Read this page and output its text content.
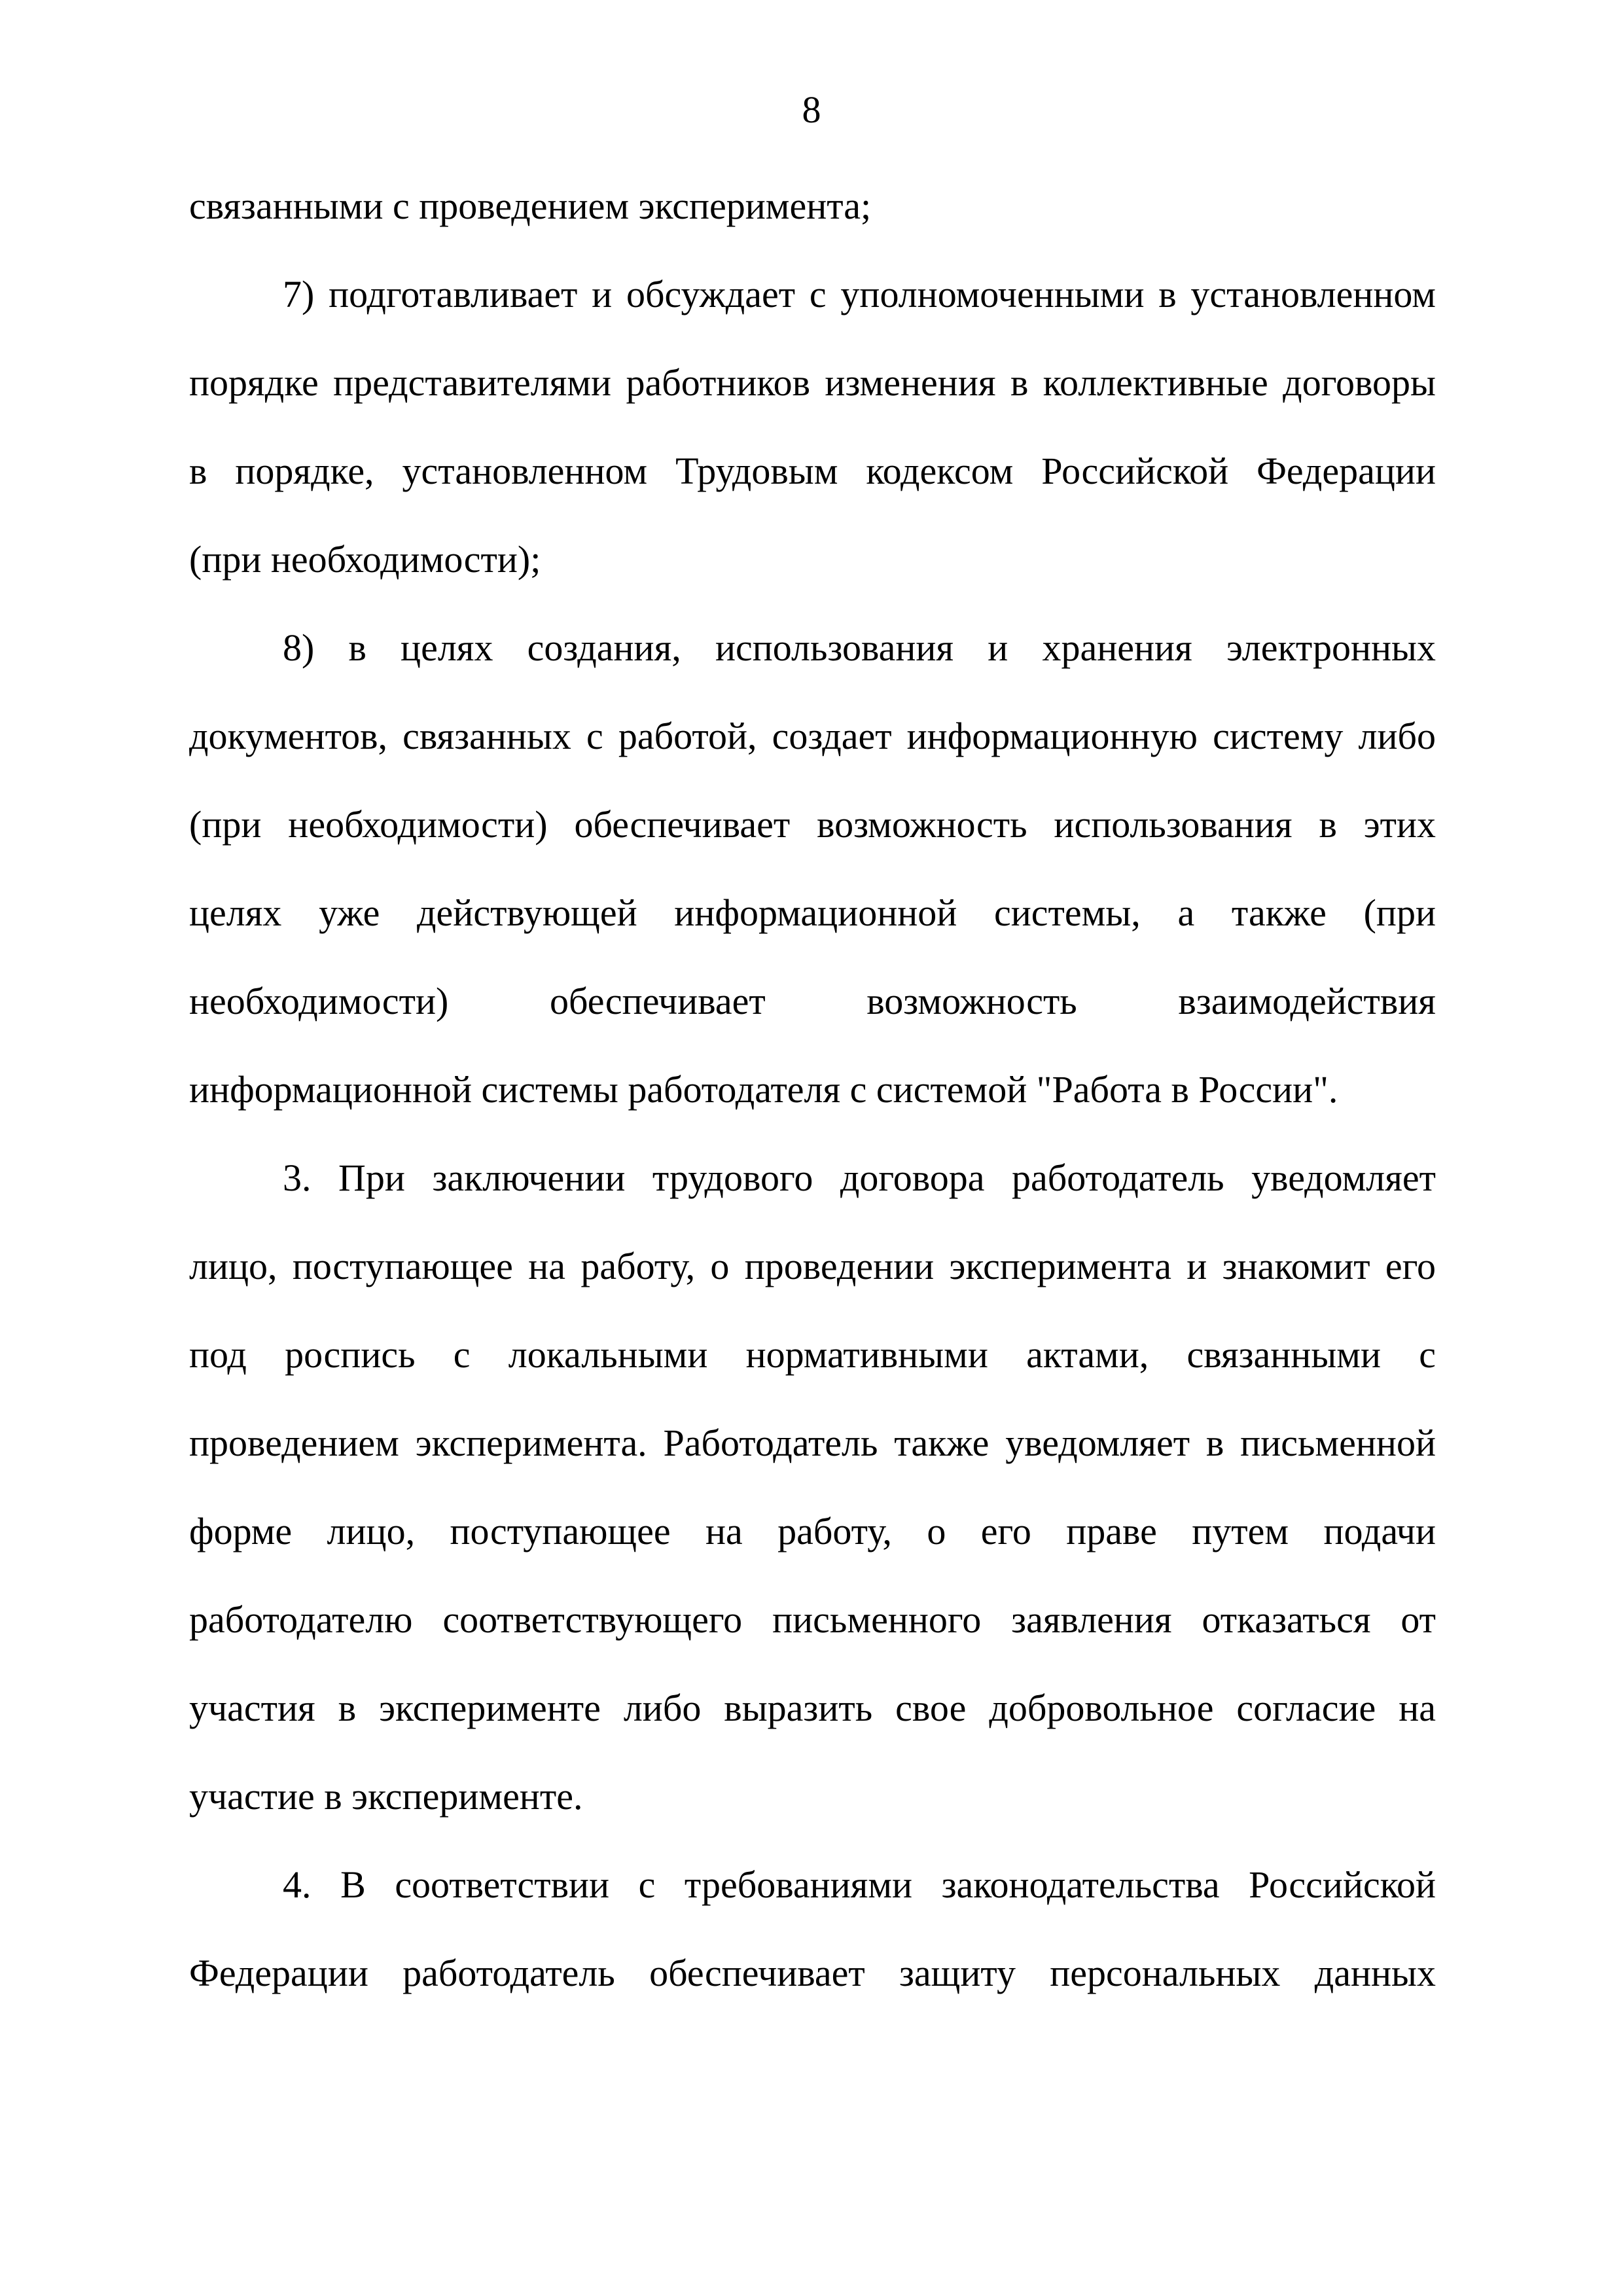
8
связанными с проведением эксперимента;
7) подготавливает и обсуждает с уполномоченными в установленном
порядке представителями работников изменения в коллективные договоры
в порядке, установленном Трудовым кодексом Российской Федерации
(при необходимости);
8) в целях создания, использования и хранения электронных
документов, связанных с работой, создает информационную систему либо
(при необходимости) обеспечивает возможность использования в этих
целях уже действующей информационной системы, а также (при
необходимости) обеспечивает возможность взаимодействия
информационной системы работодателя с системой "Работа в России".
3. При заключении трудового договора работодатель уведомляет
лицо, поступающее на работу, о проведении эксперимента и знакомит его
под роспись с локальными нормативными актами, связанными с
проведением эксперимента. Работодатель также уведомляет в письменной
форме лицо, поступающее на работу, о его праве путем подачи
работодателю соответствующего письменного заявления отказаться от
участия в эксперименте либо выразить свое добровольное согласие на
участие в эксперименте.
4. В соответствии с требованиями законодательства Российской
Федерации работодатель обеспечивает защиту персональных данных
